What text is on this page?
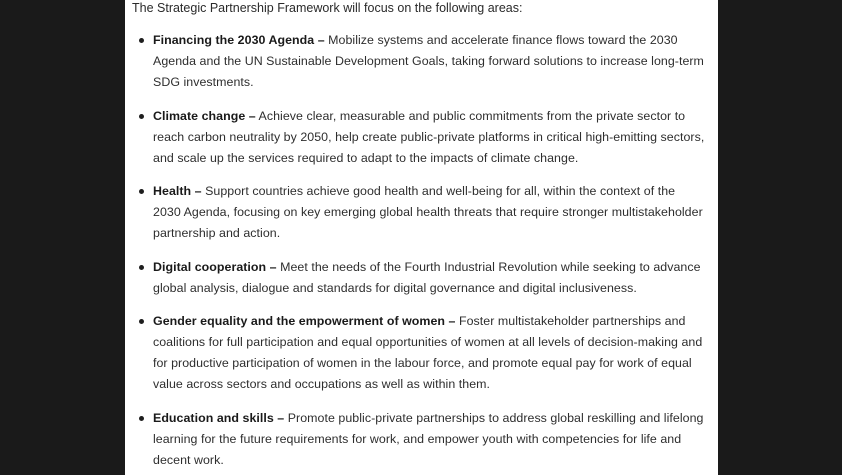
The Strategic Partnership Framework will focus on the following areas:

Financing the 2030 Agenda – Mobilize systems and accelerate finance flows toward the 2030 Agenda and the UN Sustainable Development Goals, taking forward solutions to increase long-term SDG investments.
Climate change – Achieve clear, measurable and public commitments from the private sector to reach carbon neutrality by 2050, help create public-private platforms in critical high-emitting sectors, and scale up the services required to adapt to the impacts of climate change.
Health – Support countries achieve good health and well-being for all, within the context of the 2030 Agenda, focusing on key emerging global health threats that require stronger multistakeholder partnership and action.
Digital cooperation – Meet the needs of the Fourth Industrial Revolution while seeking to advance global analysis, dialogue and standards for digital governance and digital inclusiveness.
Gender equality and the empowerment of women – Foster multistakeholder partnerships and coalitions for full participation and equal opportunities of women at all levels of decision-making and for productive participation of women in the labour force, and promote equal pay for work of equal value across sectors and occupations as well as within them.
Education and skills – Promote public-private partnerships to address global reskilling and lifelong learning for the future requirements for work, and empower youth with competencies for life and decent work.
